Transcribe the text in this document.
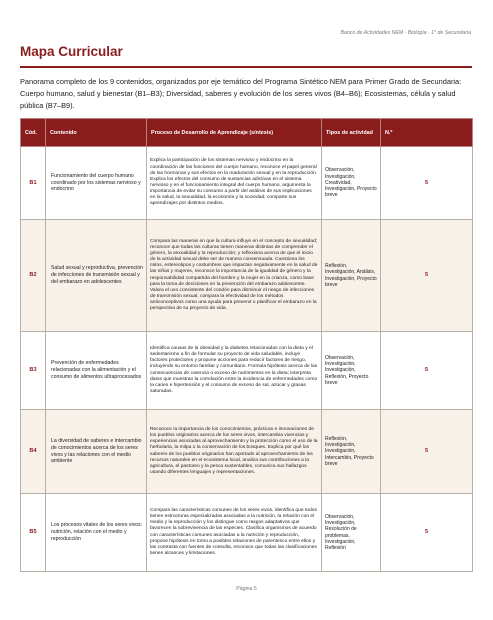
Banco de Actividades NEM · Biología · 1° de Secundaria
Mapa Curricular
Panorama completo de los 9 contenidos, organizados por eje temático del Programa Sintético NEM para Primer Grado de Secundaria: Cuerpo humano, salud y bienestar (B1–B3); Diversidad, saberes y evolución de los seres vivos (B4–B6); Ecosistemas, célula y salud pública (B7–B9).
Cód.	Contenido	Proceso de Desarrollo de Aprendizaje (síntesis)	Tipos de actividad	N.º
B1	Funcionamiento del cuerpo humano coordinado por los sistemas nervioso y endocrino	Explica la participación de los sistemas nervioso y endocrino en la coordinación de las funciones del cuerpo humano, reconoce el papel general de las hormonas y sus efectos en la maduración sexual y en la reproducción. Explica los efectos del consumo de sustancias adictivas en el sistema nervioso y en el funcionamiento integral del cuerpo humano, argumenta la importancia de evitar su consumo a partir del análisis de sus implicaciones en la salud, la sexualidad, la economía y la sociedad; comparte sus aprendizajes por distintos medios.	Observación, Investigación, Creatividad, Investigación, Proyecto breve	5
B2	Salud sexual y reproductiva, prevención de infecciones de transmisión sexual y del embarazo en adolescentes	Compara las maneras en que la cultura influye en el concepto de sexualidad; reconoce que todas las culturas tienen maneras distintas de comprender el género, la sexualidad y la reproducción; y reflexiona acerca de que el inicio de la actividad sexual debe ser de manera consensuada. Cuestiona los mitos, estereotipos y costumbres que impactan negativamente en la salud de las niñas y mujeres, reconoce la importancia de la igualdad de género y la responsabilidad compartida del hombre y la mujer en la crianza, como base para la toma de decisiones en la prevención del embarazo adolescente. Valora el uso consistente del condón para disminuir el riesgo de infecciones de transmisión sexual, compara la efectividad de los métodos anticonceptivos como una ayuda para prevenir o planificar el embarazo en la perspectiva de su proyecto de vida.	Reflexión, Investigación, Análisis, Investigación, Proyecto breve	5
B3	Prevención de enfermedades relacionadas con la alimentación y el consumo de alimentos ultraprocesados	Identifica causas de la obesidad y la diabetes relacionadas con la dieta y el sedentarismo a fin de formular su proyecto de vida saludable, incluye factores protectores y propone acciones para reducir factores de riesgo, incluyendo su entorno familiar y comunitario. Formula hipótesis acerca de las consecuencias de carencia o exceso de nutrimentos en la dieta; interpreta datos que muestran la correlación entre la incidencia de enfermedades como la caries e hipertensión y el consumo de exceso de sal, azúcar y grasas saturadas.	Observación, Investigación, Investigación, Reflexión, Proyecto breve	5
B4	La diversidad de saberes e intercambio de conocimientos acerca de los seres vivos y las relaciones con el medio ambiente	Reconoce la importancia de los conocimientos, prácticas e innovaciones de los pueblos originarios acerca de los seres vivos, intercambia vivencias y experiencias asociadas al aprovechamiento y la protección como el uso de la herbolaria, la milpa o la conservación de los bosques. Explica por qué los saberes de los pueblos originarios han aportado al aprovechamiento de los recursos naturales en el ecosistema local, analiza sus contribuciones a la agricultura, el pastoreo y la pesca sustentables, comunica sus hallazgos usando diferentes lenguajes y representaciones.	Reflexión, Investigación, Investigación, Intercambio, Proyecto breve	5
B5	Los procesos vitales de los seres vivos: nutrición, relación con el medio y reproducción	Compara las características comunes de los seres vivos, identifica que todos tienen estructuras especializadas asociadas a la nutrición, la relación con el medio y la reproducción y los distingue como rasgos adaptativos que favorecen la sobrevivencia de las especies. Clasifica organismos de acuerdo con características comunes asociadas a la nutrición y reproducción, propone hipótesis en torno a posibles relaciones de parentesco entre ellos y las contrasta con fuentes de consulta, reconoce que todas las clasificaciones tienen alcances y limitaciones.	Observación, Investigación, Resolución de problemas, Investigación, Reflexión	5
Página 5
